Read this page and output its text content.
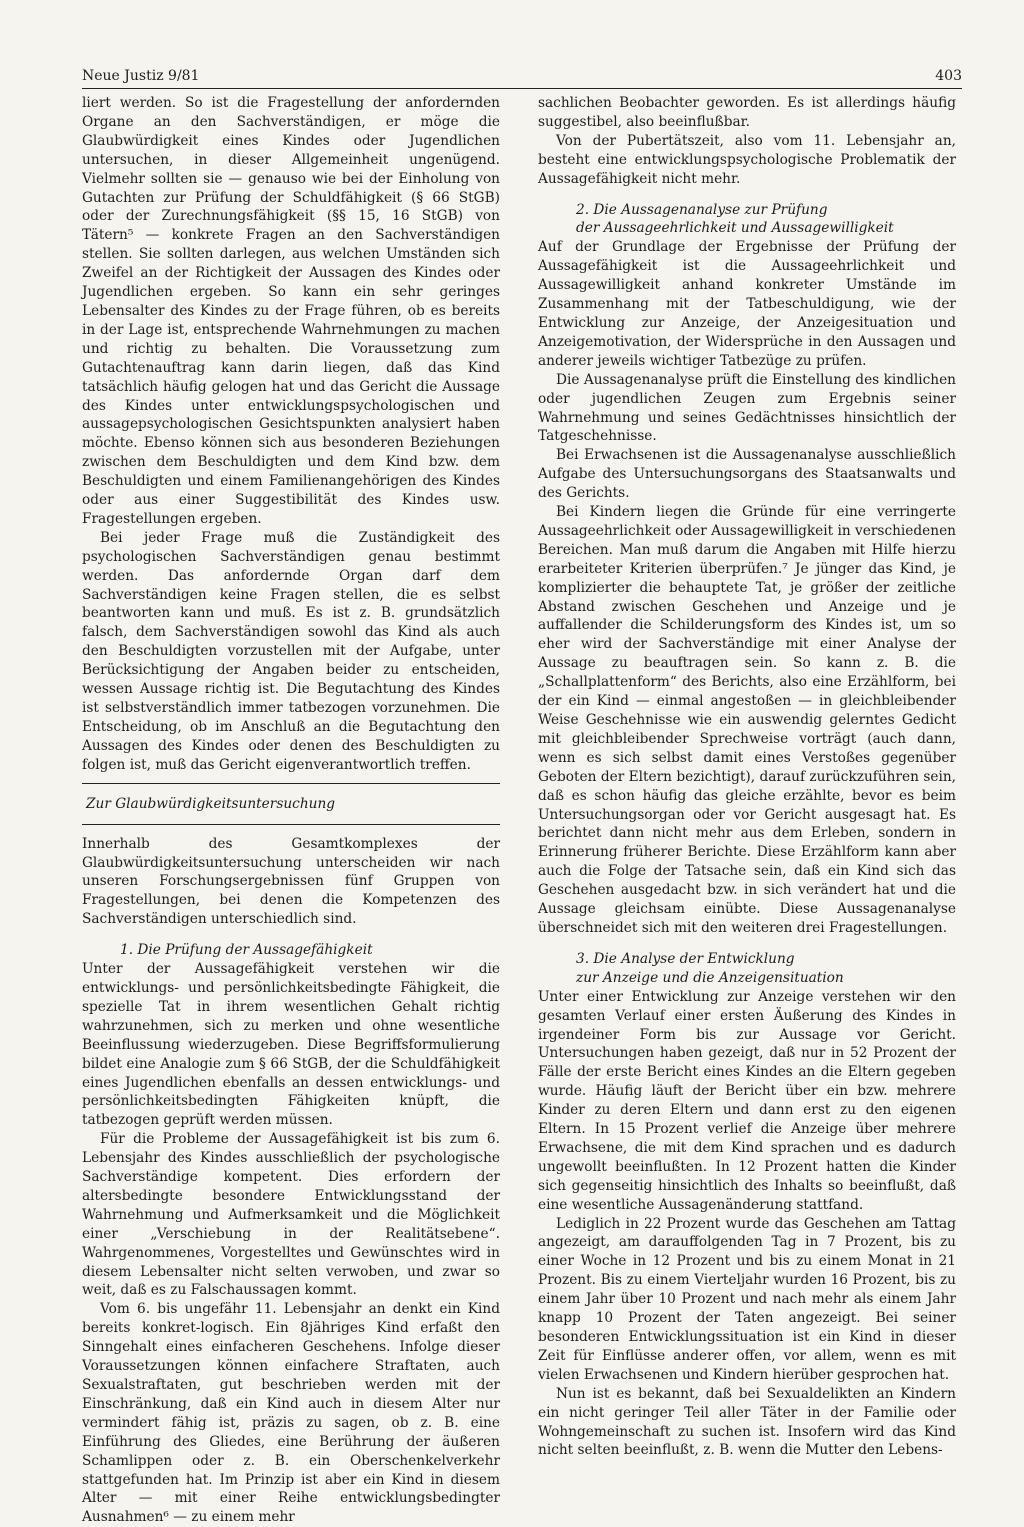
Neue Justiz 9/81	403

liert werden. So ist die Fragestellung der anfordernden Organe an den Sachverständigen, er möge die Glaubwürdigkeit eines Kindes oder Jugendlichen untersuchen, in dieser Allgemeinheit ungenügend. Vielmehr sollten sie — genauso wie bei der Einholung von Gutachten zur Prüfung der Schuldfähigkeit (§ 66 StGB) oder der Zurechnungsfähigkeit (§§ 15, 16 StGB) von Tätern⁵ — konkrete Fragen an den Sachverständigen stellen. Sie sollten darlegen, aus welchen Umständen sich Zweifel an der Richtigkeit der Aussagen des Kindes oder Jugendlichen ergeben. So kann ein sehr geringes Lebensalter des Kindes zu der Frage führen, ob es bereits in der Lage ist, entsprechende Wahrnehmungen zu machen und richtig zu behalten. Die Voraussetzung zum Gutachtenauftrag kann darin liegen, daß das Kind tatsächlich häufig gelogen hat und das Gericht die Aussage des Kindes unter entwicklungspsychologischen und aussagepsychologischen Gesichtspunkten analysiert haben möchte. Ebenso können sich aus besonderen Beziehungen zwischen dem Beschuldigten und dem Kind bzw. dem Beschuldigten und einem Familienangehörigen des Kindes oder aus einer Suggestibilität des Kindes usw. Fragestellungen ergeben.

Bei jeder Frage muß die Zuständigkeit des psychologischen Sachverständigen genau bestimmt werden. Das anfordernde Organ darf dem Sachverständigen keine Fragen stellen, die es selbst beantworten kann und muß. Es ist z. B. grundsätzlich falsch, dem Sachverständigen sowohl das Kind als auch den Beschuldigten vorzustellen mit der Aufgabe, unter Berücksichtigung der Angaben beider zu entscheiden, wessen Aussage richtig ist. Die Begutachtung des Kindes ist selbstverständlich immer tatbezogen vorzunehmen. Die Entscheidung, ob im Anschluß an die Begutachtung den Aussagen des Kindes oder denen des Beschuldigten zu folgen ist, muß das Gericht eigenverantwortlich treffen.

Zur Glaubwürdigkeitsuntersuchung

Innerhalb des Gesamtkomplexes der Glaubwürdigkeitsuntersuchung unterscheiden wir nach unseren Forschungsergebnissen fünf Gruppen von Fragestellungen, bei denen die Kompetenzen des Sachverständigen unterschiedlich sind.

1. Die Prüfung der Aussagefähigkeit

Unter der Aussagefähigkeit verstehen wir die entwicklungs- und persönlichkeitsbedingte Fähigkeit, die spezielle Tat in ihrem wesentlichen Gehalt richtig wahrzunehmen, sich zu merken und ohne wesentliche Beeinflussung wiederzugeben. Diese Begriffsformulierung bildet eine Analogie zum § 66 StGB, der die Schuldfähigkeit eines Jugendlichen ebenfalls an dessen entwicklungs- und persönlichkeitsbedingten Fähigkeiten knüpft, die tatbezogen geprüft werden müssen.

Für die Probleme der Aussagefähigkeit ist bis zum 6. Lebensjahr des Kindes ausschließlich der psychologische Sachverständige kompetent. Dies erfordern der altersbedingte besondere Entwicklungsstand der Wahrnehmung und Aufmerksamkeit und die Möglichkeit einer „Verschiebung in der Realitätsebene“. Wahrgenommenes, Vorgestelltes und Gewünschtes wird in diesem Lebensalter nicht selten verwoben, und zwar so weit, daß es zu Falschaussagen kommt.

Vom 6. bis ungefähr 11. Lebensjahr an denkt ein Kind bereits konkret-logisch. Ein 8jähriges Kind erfaßt den Sinngehalt eines einfacheren Geschehens. Infolge dieser Voraussetzungen können einfachere Straftaten, auch Sexualstraftaten, gut beschrieben werden mit der Einschränkung, daß ein Kind auch in diesem Alter nur vermindert fähig ist, präzis zu sagen, ob z. B. eine Einführung des Gliedes, eine Berührung der äußeren Schamlippen oder z. B. ein Oberschenkelverkehr stattgefunden hat. Im Prinzip ist aber ein Kind in diesem Alter — mit einer Reihe entwicklungsbedingter Ausnahmen⁶ — zu einem mehr

sachlichen Beobachter geworden. Es ist allerdings häufig suggestibel, also beeinflußbar.

Von der Pubertätszeit, also vom 11. Lebensjahr an, besteht eine entwicklungspsychologische Problematik der Aussagefähigkeit nicht mehr.

2. Die Aussagenanalyse zur Prüfung
der Aussageehrlichkeit und Aussagewilligkeit

Auf der Grundlage der Ergebnisse der Prüfung der Aussagefähigkeit ist die Aussageehrlichkeit und Aussagewilligkeit anhand konkreter Umstände im Zusammenhang mit der Tatbeschuldigung, wie der Entwicklung zur Anzeige, der Anzeigesituation und Anzeigemotivation, der Widersprüche in den Aussagen und anderer jeweils wichtiger Tatbezüge zu prüfen.

Die Aussagenanalyse prüft die Einstellung des kindlichen oder jugendlichen Zeugen zum Ergebnis seiner Wahrnehmung und seines Gedächtnisses hinsichtlich der Tatgeschehnisse.

Bei Erwachsenen ist die Aussagenanalyse ausschließlich Aufgabe des Untersuchungsorgans des Staatsanwalts und des Gerichts.

Bei Kindern liegen die Gründe für eine verringerte Aussageehrlichkeit oder Aussagewilligkeit in verschiedenen Bereichen. Man muß darum die Angaben mit Hilfe hierzu erarbeiteter Kriterien überprüfen.⁷ Je jünger das Kind, je komplizierter die behauptete Tat, je größer der zeitliche Abstand zwischen Geschehen und Anzeige und je auffallender die Schilderungsform des Kindes ist, um so eher wird der Sachverständige mit einer Analyse der Aussage zu beauftragen sein. So kann z. B. die „Schallplattenform“ des Berichts, also eine Erzählform, bei der ein Kind — einmal angestoßen — in gleichbleibender Weise Geschehnisse wie ein auswendig gelerntes Gedicht mit gleichbleibender Sprechweise vorträgt (auch dann, wenn es sich selbst damit eines Verstoßes gegenüber Geboten der Eltern bezichtigt), darauf zurückzuführen sein, daß es schon häufig das gleiche erzählte, bevor es beim Untersuchungsorgan oder vor Gericht ausgesagt hat. Es berichtet dann nicht mehr aus dem Erleben, sondern in Erinnerung früherer Berichte. Diese Erzählform kann aber auch die Folge der Tatsache sein, daß ein Kind sich das Geschehen ausgedacht bzw. in sich verändert hat und die Aussage gleichsam einübte. Diese Aussagenanalyse überschneidet sich mit den weiteren drei Fragestellungen.

3. Die Analyse der Entwicklung
zur Anzeige und die Anzeigensituation

Unter einer Entwicklung zur Anzeige verstehen wir den gesamten Verlauf einer ersten Äußerung des Kindes in irgendeiner Form bis zur Aussage vor Gericht. Untersuchungen haben gezeigt, daß nur in 52 Prozent der Fälle der erste Bericht eines Kindes an die Eltern gegeben wurde. Häufig läuft der Bericht über ein bzw. mehrere Kinder zu deren Eltern und dann erst zu den eigenen Eltern. In 15 Prozent verlief die Anzeige über mehrere Erwachsene, die mit dem Kind sprachen und es dadurch ungewollt beeinflußten. In 12 Prozent hatten die Kinder sich gegenseitig hinsichtlich des Inhalts so beeinflußt, daß eine wesentliche Aussagenänderung stattfand.

Lediglich in 22 Prozent wurde das Geschehen am Tattag angezeigt, am darauffolgenden Tag in 7 Prozent, bis zu einer Woche in 12 Prozent und bis zu einem Monat in 21 Prozent. Bis zu einem Vierteljahr wurden 16 Prozent, bis zu einem Jahr über 10 Prozent und nach mehr als einem Jahr knapp 10 Prozent der Taten angezeigt. Bei seiner besonderen Entwicklungssituation ist ein Kind in dieser Zeit für Einflüsse anderer offen, vor allem, wenn es mit vielen Erwachsenen und Kindern hierüber gesprochen hat.

Nun ist es bekannt, daß bei Sexualdelikten an Kindern ein nicht geringer Teil aller Täter in der Familie oder Wohngemeinschaft zu suchen ist. Insofern wird das Kind nicht selten beeinflußt, z. B. wenn die Mutter den Lebens-
